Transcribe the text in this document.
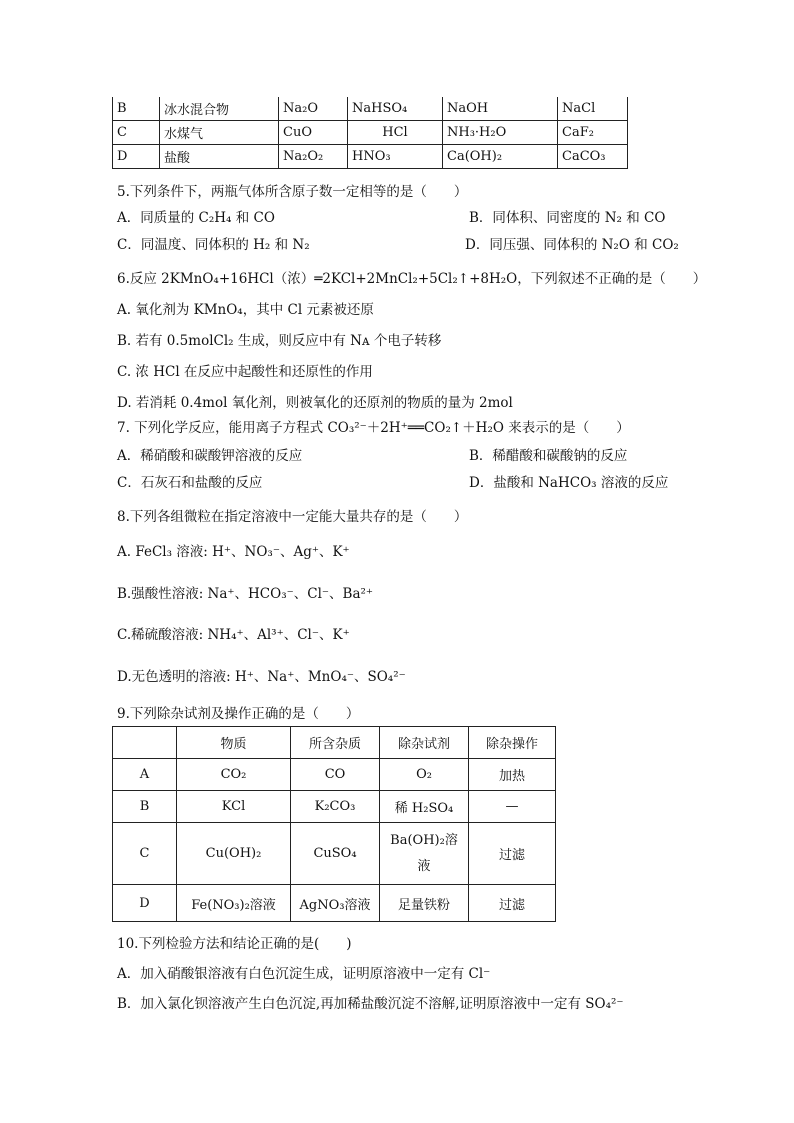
B	冰水混合物	Na₂O	NaHSO₄	NaOH	NaCl
C	水煤气	CuO	HCl	NH₃·H₂O	CaF₂
D	盐酸	Na₂O₂	HNO₃	Ca(OH)₂	CaCO₃
5.下列条件下，两瓶气体所含原子数一定相等的是（　　）
A．同质量的 C₂H₄ 和 CO	B．同体积、同密度的 N₂ 和 CO
C．同温度、同体积的 H₂ 和 N₂	D．同压强、同体积的 N₂O 和 CO₂
6.反应 2KMnO₄+16HCl（浓）═2KCl+2MnCl₂+5Cl₂↑+8H₂O，下列叙述不正确的是（　　）
A. 氧化剂为 KMnO₄，其中 Cl 元素被还原
B. 若有 0.5molCl₂ 生成，则反应中有 Nᴀ 个电子转移
C. 浓 HCl 在反应中起酸性和还原性的作用
D. 若消耗 0.4mol 氧化剂，则被氧化的还原剂的物质的量为 2mol
7. 下列化学反应，能用离子方程式 CO₃²⁻＋2H⁺══CO₂↑＋H₂O 来表示的是（　　）
A．稀硝酸和碳酸钾溶液的反应	B．稀醋酸和碳酸钠的反应
C．石灰石和盐酸的反应	D．盐酸和 NaHCO₃ 溶液的反应
8.下列各组微粒在指定溶液中一定能大量共存的是（　　）
A. FeCl₃ 溶液: H⁺、NO₃⁻、Ag⁺、K⁺
B.强酸性溶液: Na⁺、HCO₃⁻、Cl⁻、Ba²⁺
C.稀硫酸溶液: NH₄⁺、Al³⁺、Cl⁻、K⁺
D.无色透明的溶液: H⁺、Na⁺、MnO₄⁻、SO₄²⁻
9.下列除杂试剂及操作正确的是（　　）
	物质	所含杂质	除杂试剂	除杂操作
A	CO₂	CO	O₂	加热
B	KCl	K₂CO₃	稀 H₂SO₄	—
C	Cu(OH)₂	CuSO₄	Ba(OH)₂溶液	过滤
D	Fe(NO₃)₂溶液	AgNO₃溶液	足量铁粉	过滤
10.下列检验方法和结论正确的是(　　)
A．加入硝酸银溶液有白色沉淀生成，证明原溶液中一定有 Cl⁻
B．加入氯化钡溶液产生白色沉淀,再加稀盐酸沉淀不溶解,证明原溶液中一定有 SO₄²⁻
